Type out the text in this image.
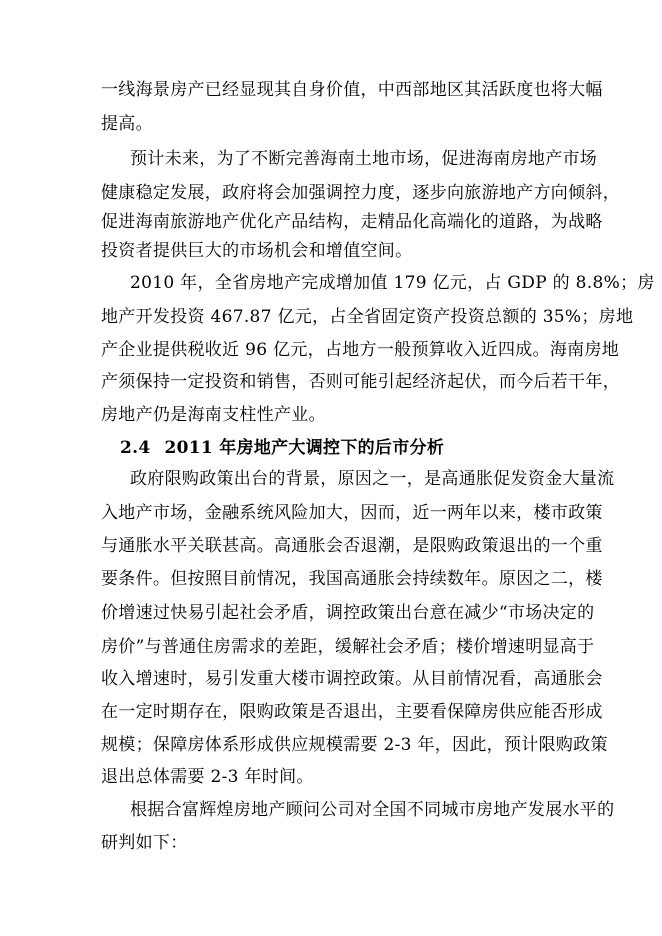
一线海景房产已经显现其自身价值，中西部地区其活跃度也将大幅
提高。
预计未来，为了不断完善海南土地市场，促进海南房地产市场
健康稳定发展，政府将会加强调控力度，逐步向旅游地产方向倾斜，
促进海南旅游地产优化产品结构，走精品化高端化的道路，为战略
投资者提供巨大的市场机会和增值空间。
2010 年，全省房地产完成增加值 179 亿元，占 GDP 的 8.8%；房
地产开发投资 467.87 亿元，占全省固定资产投资总额的 35%；房地
产企业提供税收近 96 亿元，占地方一般预算收入近四成。海南房地
产须保持一定投资和销售，否则可能引起经济起伏，而今后若干年，
房地产仍是海南支柱性产业。
2.4 2011 年房地产大调控下的后市分析
政府限购政策出台的背景，原因之一，是高通胀促发资金大量流
入地产市场，金融系统风险加大，因而，近一两年以来，楼市政策
与通胀水平关联甚高。高通胀会否退潮，是限购政策退出的一个重
要条件。但按照目前情况，我国高通胀会持续数年。原因之二，楼
价增速过快易引起社会矛盾，调控政策出台意在减少“市场决定的
房价”与普通住房需求的差距，缓解社会矛盾；楼价增速明显高于
收入增速时，易引发重大楼市调控政策。从目前情况看，高通胀会
在一定时期存在，限购政策是否退出，主要看保障房供应能否形成
规模；保障房体系形成供应规模需要 2-3 年，因此，预计限购政策
退出总体需要 2-3 年时间。
根据合富辉煌房地产顾问公司对全国不同城市房地产发展水平的
研判如下：
